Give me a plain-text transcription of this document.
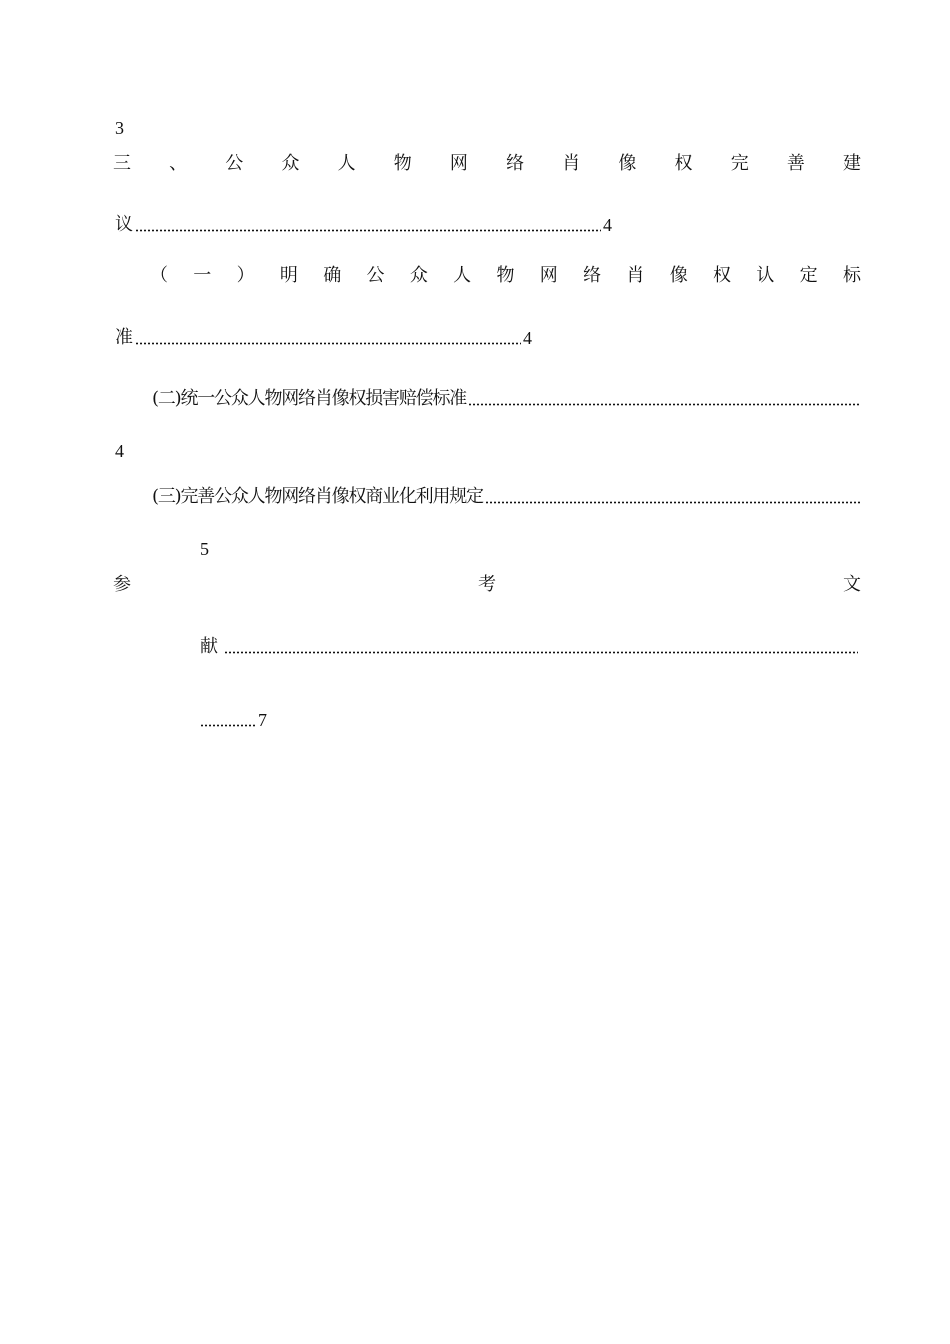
3
三、公众人物网络肖像权完善建
议	4
（一）明确公众人物网络肖像权认定标
准	4
(二)统一公众人物网络肖像权损害赔偿标准
4
(三)完善公众人物网络肖像权商业化利用规定
5
参考文
献
7
